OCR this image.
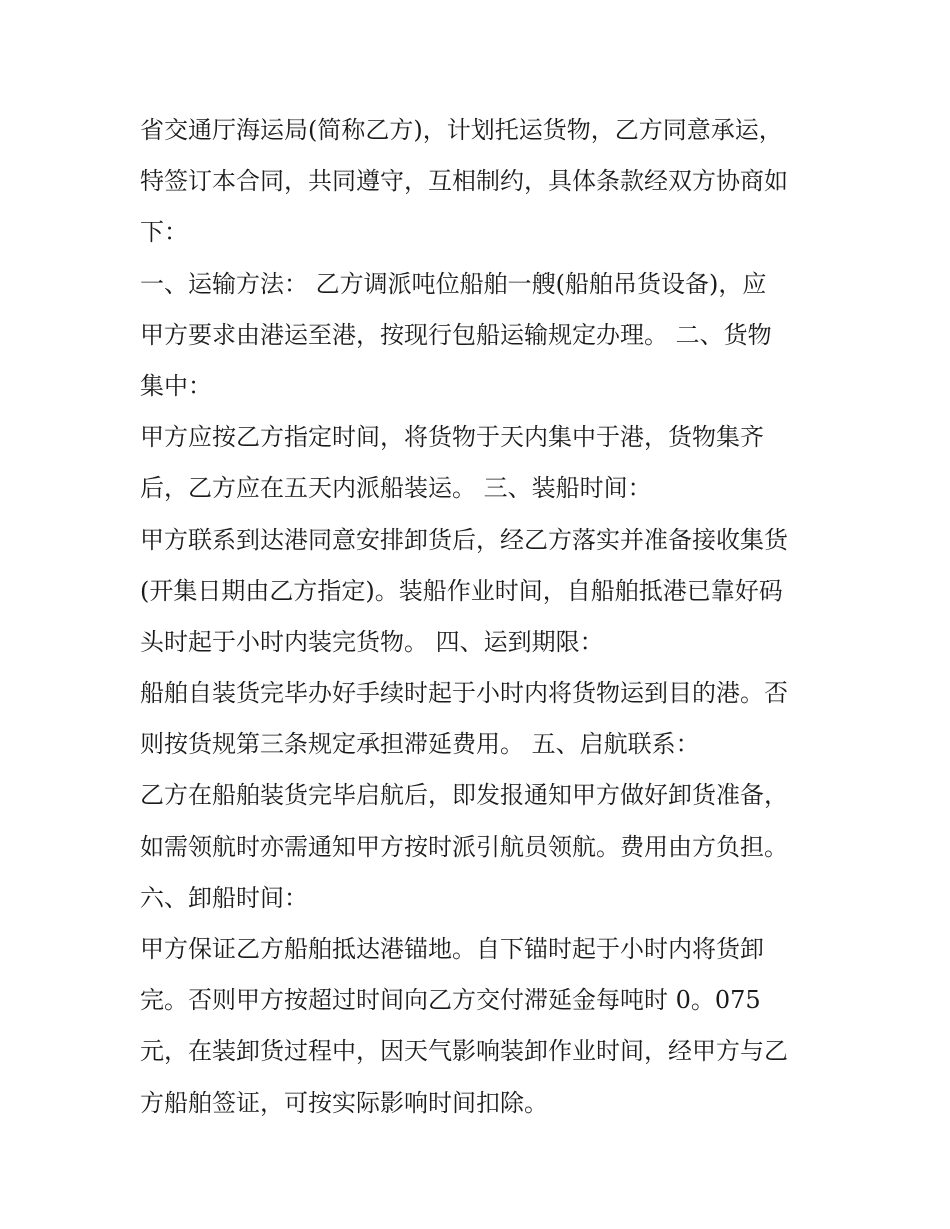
省交通厅海运局(简称乙方)，计划托运货物，乙方同意承运，
特签订本合同，共同遵守，互相制约，具体条款经双方协商如
下：
一、运输方法： 乙方调派吨位船舶一艘(船舶吊货设备)，应
甲方要求由港运至港，按现行包船运输规定办理。 二、货物
集中：
甲方应按乙方指定时间，将货物于天内集中于港，货物集齐
后，乙方应在五天内派船装运。 三、装船时间：
甲方联系到达港同意安排卸货后，经乙方落实并准备接收集货
(开集日期由乙方指定)。装船作业时间，自船舶抵港已靠好码
头时起于小时内装完货物。 四、运到期限：
船舶自装货完毕办好手续时起于小时内将货物运到目的港。否
则按货规第三条规定承担滞延费用。 五、启航联系：
乙方在船舶装货完毕启航后，即发报通知甲方做好卸货准备，
如需领航时亦需通知甲方按时派引航员领航。费用由方负担。
六、卸船时间：
甲方保证乙方船舶抵达港锚地。自下锚时起于小时内将货卸
完。否则甲方按超过时间向乙方交付滞延金每吨时 0。075
元，在装卸货过程中，因天气影响装卸作业时间，经甲方与乙
方船舶签证，可按实际影响时间扣除。
